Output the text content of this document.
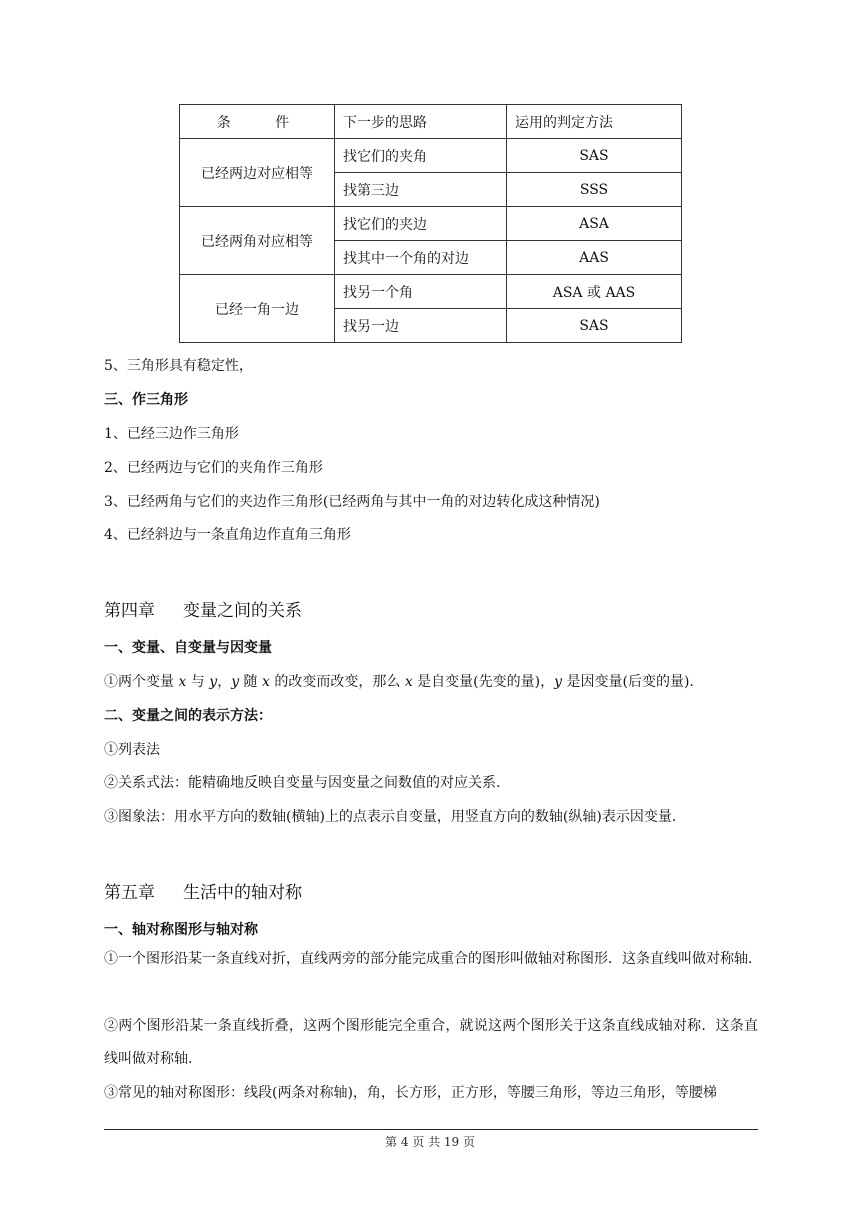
条 件	下一步的思路	运用的判定方法
已经两边对应相等	找它们的夹角	SAS
	找第三边	SSS
已经两角对应相等	找它们的夹边	ASA
	找其中一个角的对边	AAS
已经一角一边	找另一个角	ASA 或 AAS
	找另一边	SAS
5、三角形具有稳定性，
三、作三角形
1、已经三边作三角形
2、已经两边与它们的夹角作三角形
3、已经两角与它们的夹边作三角形(已经两角与其中一角的对边转化成这种情况)
4、已经斜边与一条直角边作直角三角形
第四章 变量之间的关系
一、变量、自变量与因变量
①两个变量 x 与 y，y 随 x 的改变而改变，那么 x 是自变量(先变的量)，y 是因变量(后变的量).
二、变量之间的表示方法：
①列表法
②关系式法：能精确地反映自变量与因变量之间数值的对应关系.
③图象法：用水平方向的数轴(横轴)上的点表示自变量，用竖直方向的数轴(纵轴)表示因变量.
第五章 生活中的轴对称
一、轴对称图形与轴对称
①一个图形沿某一条直线对折，直线两旁的部分能完成重合的图形叫做轴对称图形．这条直线叫做对称轴.
②两个图形沿某一条直线折叠，这两个图形能完全重合，就说这两个图形关于这条直线成轴对称．这条直线叫做对称轴.
③常见的轴对称图形：线段(两条对称轴)，角，长方形，正方形，等腰三角形，等边三角形，等腰梯
第 4 页 共 19 页
